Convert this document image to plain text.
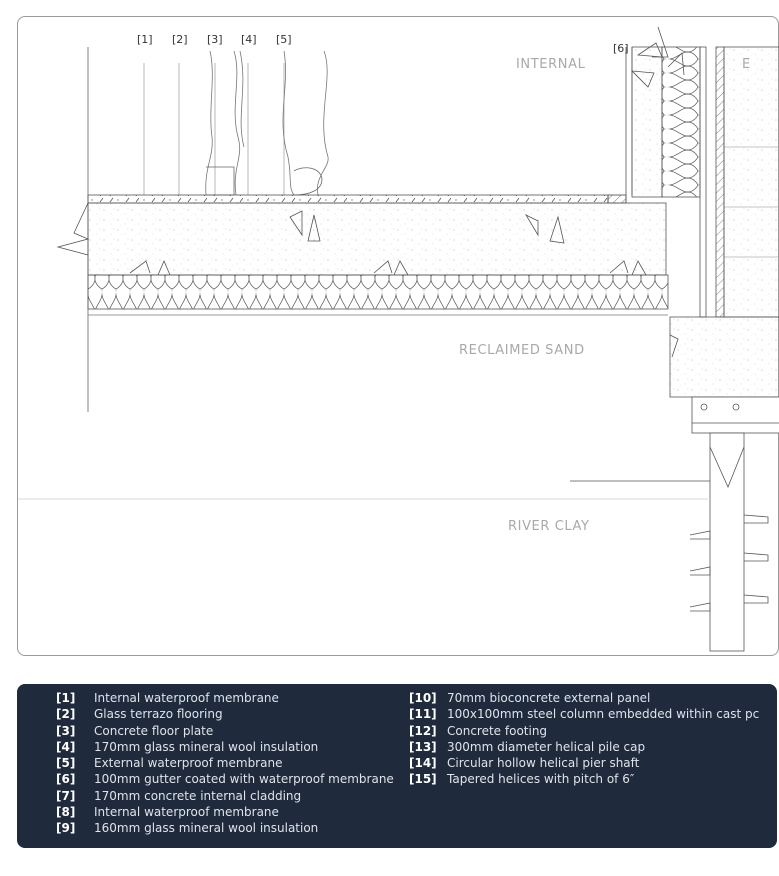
[1] [2] [3] [4] [5]
[6]
INTERNAL	E
RECLAIMED SAND
RIVER CLAY
[1] Internal waterproof membrane
[2] Glass terrazo flooring
[3] Concrete floor plate
[4] 170mm glass mineral wool insulation
[5] External waterproof membrane
[6] 100mm gutter coated with waterproof membrane
[7] 170mm concrete internal cladding
[8] Internal waterproof membrane
[9] 160mm glass mineral wool insulation
[10] 70mm bioconcrete external panel
[11] 100x100mm steel column embedded within cast pc
[12] Concrete footing
[13] 300mm diameter helical pile cap
[14] Circular hollow helical pier shaft
[15] Tapered helices with pitch of 6″
